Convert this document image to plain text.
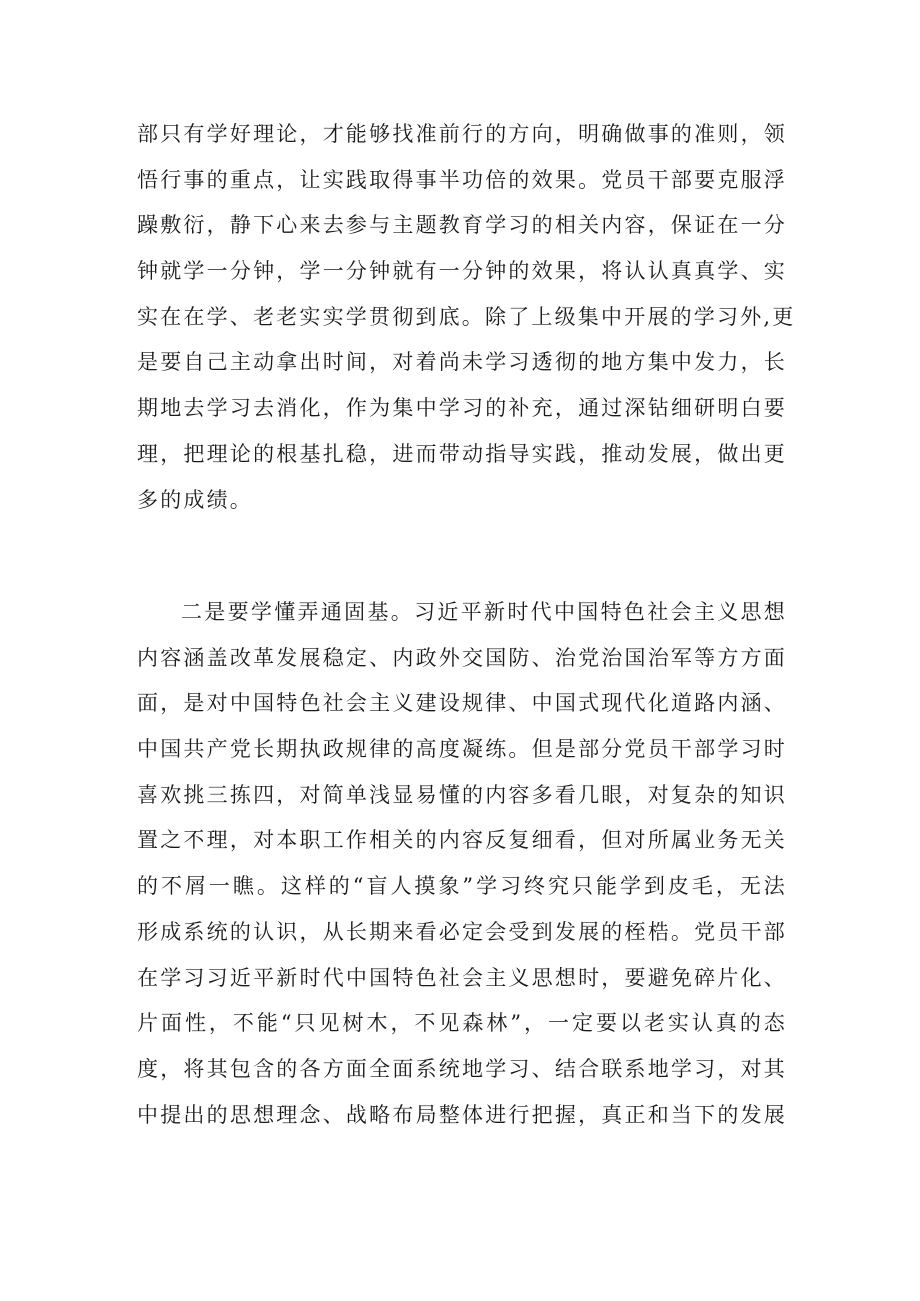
部只有学好理论，才能够找准前行的方向，明确做事的准则，领
悟行事的重点，让实践取得事半功倍的效果。党员干部要克服浮
躁敷衍，静下心来去参与主题教育学习的相关内容，保证在一分
钟就学一分钟，学一分钟就有一分钟的效果，将认认真真学、实
实在在学、老老实实学贯彻到底。除了上级集中开展的学习外,更
是要自己主动拿出时间，对着尚未学习透彻的地方集中发力，长
期地去学习去消化，作为集中学习的补充，通过深钻细研明白要
理，把理论的根基扎稳，进而带动指导实践，推动发展，做出更
多的成绩。
二是要学懂弄通固基。习近平新时代中国特色社会主义思想
内容涵盖改革发展稳定、内政外交国防、治党治国治军等方方面
面，是对中国特色社会主义建设规律、中国式现代化道路内涵、
中国共产党长期执政规律的高度凝练。但是部分党员干部学习时
喜欢挑三拣四，对简单浅显易懂的内容多看几眼，对复杂的知识
置之不理，对本职工作相关的内容反复细看，但对所属业务无关
的不屑一瞧。这样的“盲人摸象”学习终究只能学到皮毛，无法
形成系统的认识，从长期来看必定会受到发展的桎梏。党员干部
在学习习近平新时代中国特色社会主义思想时，要避免碎片化、
片面性，不能“只见树木，不见森林”，一定要以老实认真的态
度，将其包含的各方面全面系统地学习、结合联系地学习，对其
中提出的思想理念、战略布局整体进行把握，真正和当下的发展
